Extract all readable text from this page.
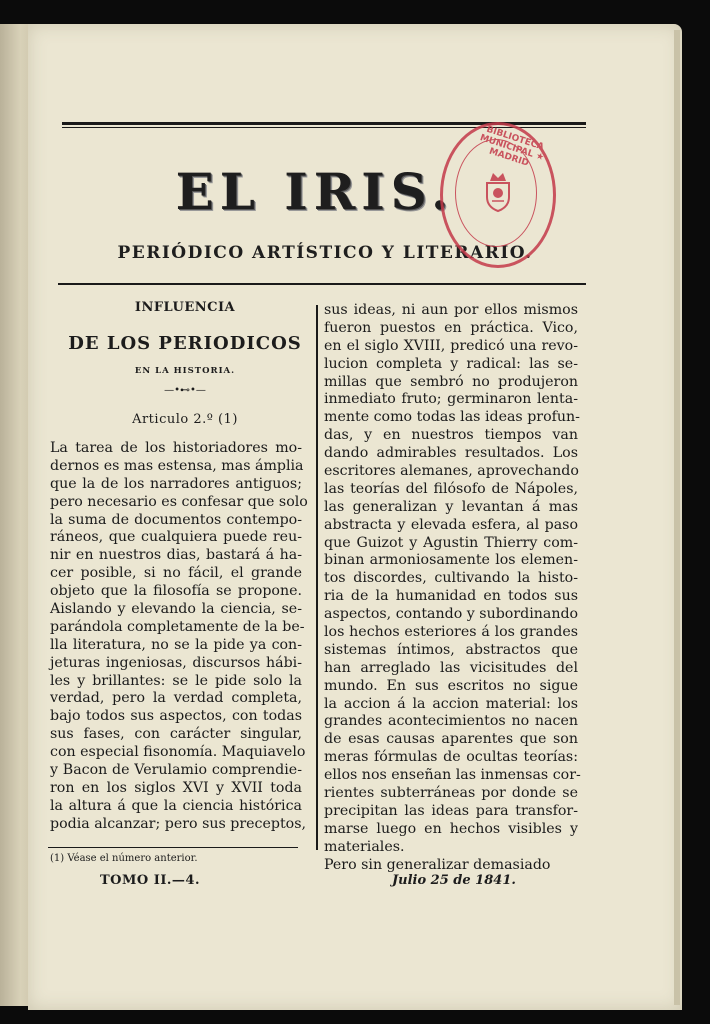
EL IRIS.
PERIÓDICO ARTÍSTICO Y LITERARIO.
BIBLIOTECA MUNICIPAL ★ MADRID
INFLUENCIA
DE LOS PERIODICOS
EN LA HISTORIA.
—•⊷•—
Articulo 2.º (1)
La tarea de los historiadores mo-
dernos es mas estensa, mas ámplia
que la de los narradores antiguos;
pero necesario es confesar que solo
la suma de documentos contempo-
ráneos, que cualquiera puede reu-
nir en nuestros dias, bastará á ha-
cer posible, si no fácil, el grande
objeto que la filosofía se propone.
Aislando y elevando la ciencia, se-
parándola completamente de la be-
lla literatura, no se la pide ya con-
jeturas ingeniosas, discursos hábi-
les y brillantes: se le pide solo la
verdad, pero la verdad completa,
bajo todos sus aspectos, con todas
sus fases, con carácter singular,
con especial fisonomía. Maquiavelo
y Bacon de Verulamio comprendie-
ron en los siglos XVI y XVII toda
la altura á que la ciencia histórica
podia alcanzar; pero sus preceptos,
sus ideas, ni aun por ellos mismos
fueron puestos en práctica. Vico,
en el siglo XVIII, predicó una revo-
lucion completa y radical: las se-
millas que sembró no produjeron
inmediato fruto; germinaron lenta-
mente como todas las ideas profun-
das, y en nuestros tiempos van
dando admirables resultados. Los
escritores alemanes, aprovechando
las teorías del filósofo de Nápoles,
las generalizan y levantan á mas
abstracta y elevada esfera, al paso
que Guizot y Agustin Thierry com-
binan armoniosamente los elemen-
tos discordes, cultivando la histo-
ria de la humanidad en todos sus
aspectos, contando y subordinando
los hechos esteriores á los grandes
sistemas íntimos, abstractos que
han arreglado las vicisitudes del
mundo. En sus escritos no sigue
la accion á la accion material: los
grandes acontecimientos no nacen
de esas causas aparentes que son
meras fórmulas de ocultas teorías:
ellos nos enseñan las inmensas cor-
rientes subterráneas por donde se
precipitan las ideas para transfor-
marse luego en hechos visibles y
materiales.
Pero sin generalizar demasiado
(1) Véase el número anterior.
TOMO II.—4.	Julio 25 de 1841.
